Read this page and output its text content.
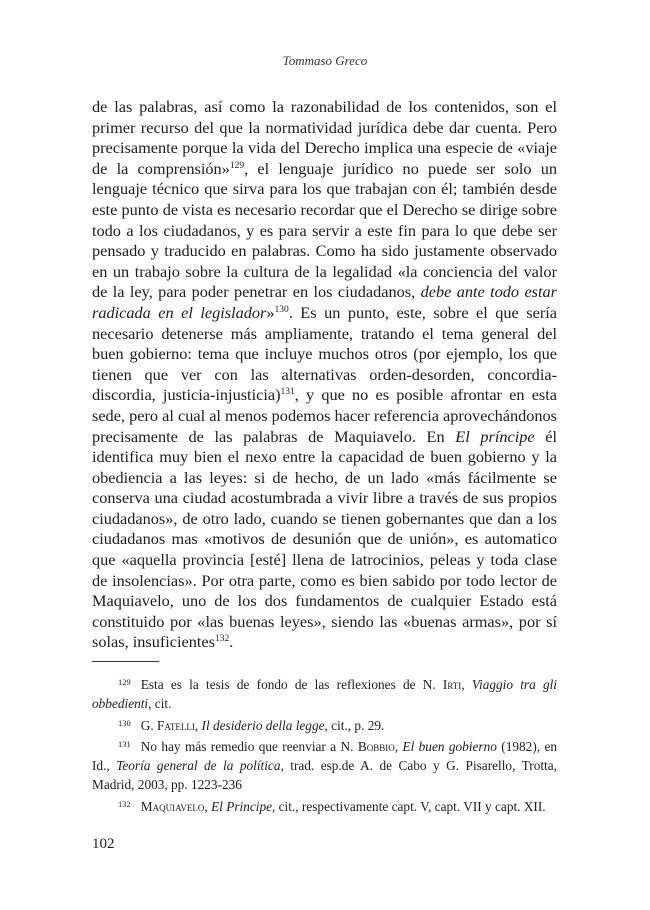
Tommaso Greco

de las palabras, así como la razonabilidad de los contenidos, son el primer recurso del que la normatividad jurídica debe dar cuenta. Pero precisamente porque la vida del Derecho implica una especie de «viaje de la comprensión»$^{129}$, el lenguaje jurídico no puede ser solo un lenguaje técnico que sirva para los que trabajan con él; también desde este punto de vista es necesario recordar que el Derecho se dirige sobre todo a los ciudadanos, y es para servir a este fin para lo que debe ser pensado y traducido en palabras. Como ha sido justamente observado en un trabajo sobre la cultura de la legalidad «la conciencia del valor de la ley, para poder penetrar en los ciudadanos, debe ante todo estar radicada en el legislador»$^{130}$. Es un punto, este, sobre el que sería necesario detenerse más ampliamente, tratando el tema general del buen gobierno: tema que incluye muchos otros (por ejemplo, los que tienen que ver con las alternativas orden-desorden, concordia-discordia, justicia-injusticia)$^{131}$, y que no es posible afrontar en esta sede, pero al cual al menos podemos hacer referencia aprovechándonos precisamente de las palabras de Maquiavelo. En El príncipe él identifica muy bien el nexo entre la capacidad de buen gobierno y la obediencia a las leyes: si de hecho, de un lado «más fácilmente se conserva una ciudad acostumbrada a vivir libre a través de sus propios ciudadanos», de otro lado, cuando se tienen gobernantes que dan a los ciudadanos mas «motivos de desunión que de unión», es automatico que «aquella provincia [esté] llena de latrocinios, peleas y toda clase de insolencias». Por otra parte, como es bien sabido por todo lector de Maquiavelo, uno de los dos fundamentos de cualquier Estado está constituido por «las buenas leyes», siendo las «buenas armas», por sí solas, insuficientes$^{132}$.

$^{129}$ Esta es la tesis de fondo de las reflexiones de N. Irti, Viaggio tra gli obbedienti, cit.

$^{130}$ G. Fatelli, Il desiderio della legge, cit., p. 29.

$^{131}$ No hay más remedio que reenviar a N. Bobbio, El buen gobierno (1982), en Id., Teoría general de la política, trad. esp.de A. de Cabo y G. Pisarello, Trotta, Madrid, 2003, pp. 1223-236

$^{132}$ Maquiavelo, El Principe, cit., respectivamente capt. V, capt. VII y capt. XII.

102
